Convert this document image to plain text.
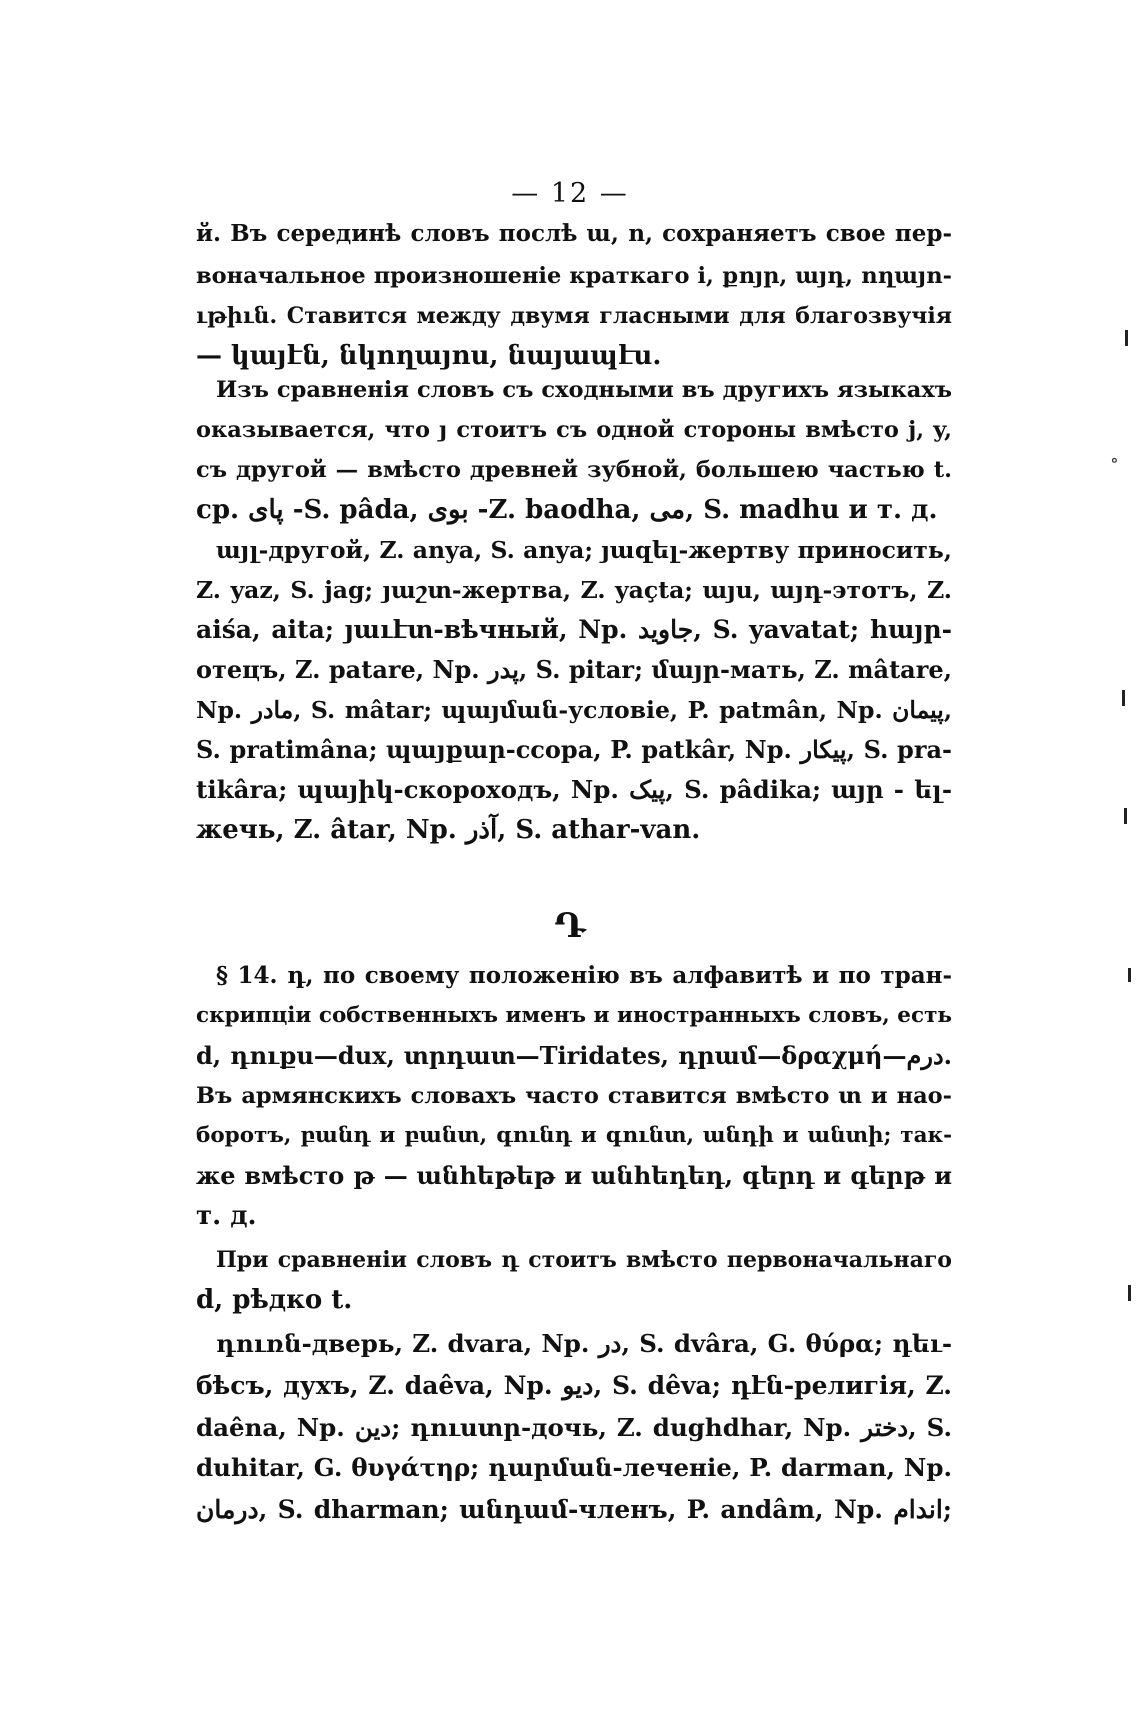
— 12 —
й. Въ серединѣ словъ послѣ ա, ո, сохраняетъ свое пер-
воначальное произношеніе краткаго і, քոյր, այդ, ողայո-
ւթիւն. Ставится между двумя гласными для благозвучія
— կայէն, նկողայոս, նայապէս.
Изъ сравненія словъ съ сходными въ другихъ языкахъ
оказывается, что յ стоитъ съ одной стороны вмѣсто j, y,
съ другой — вмѣсто древней зубной, большею частью t.
ср. پای -S. pâda, بوی -Z. baodha, می, S. madhu и т. д.
այլ-другой, Z. anya, S. anya; յազել-жертву приносить,
Z. yaz, S. jag; յաշտ-жертва, Z. yaçta; այս, այդ-этотъ, Z.
aiśa, aita; յաւէտ-вѣчный, Np. جاوید, S. yavatat; հայր-
отецъ, Z. patare, Np. پدر, S. pitar; մայր-мать, Z. mâtare,
Np. مادر, S. mâtar; պայման-условіе, P. patmân, Np. پیمان,
S. pratimâna; պայքար-ссора, P. patkâr, Np. پیکار, S. pra-
tikâra; պայիկ-скороходъ, Np. پیک, S. pâdika; այր - ել-
жечь, Z. âtar, Np. آذر, S. athar-van.
Դ
§ 14. դ, по своему положенію въ алфавитѣ и по тран-
скрипціи собственныхъ именъ и иностранныхъ словъ, есть
d, դուքս—dux, տրդատ—Tiridates, դրամ—δραχμή—درم.
Въ армянскихъ словахъ часто ставится вмѣсто տ и нао-
боротъ, բանդ и բանտ, գունդ и գունտ, անդի и անտի; так-
же вмѣсто թ — անհեթեթ и անհեդեդ, գերդ и գերթ и
т. д.
При сравненіи словъ դ стоитъ вмѣсто первоначальнаго
d, рѣдко t.
դուռն-дверь, Z. dvara, Np. در, S. dvâra, G. θύρα; դեւ-
бѣсъ, духъ, Z. daêva, Np. دیو, S. dêva; դէն-религія, Z.
daêna, Np. دین; դուստր-дочь, Z. dughdhar, Np. دختر, S.
duhitar, G. θυγάτηρ; դարման-леченіе, P. darman, Np.
درمان, S. dharman; անդամ-членъ, P. andâm, Np. اندام;
∘
